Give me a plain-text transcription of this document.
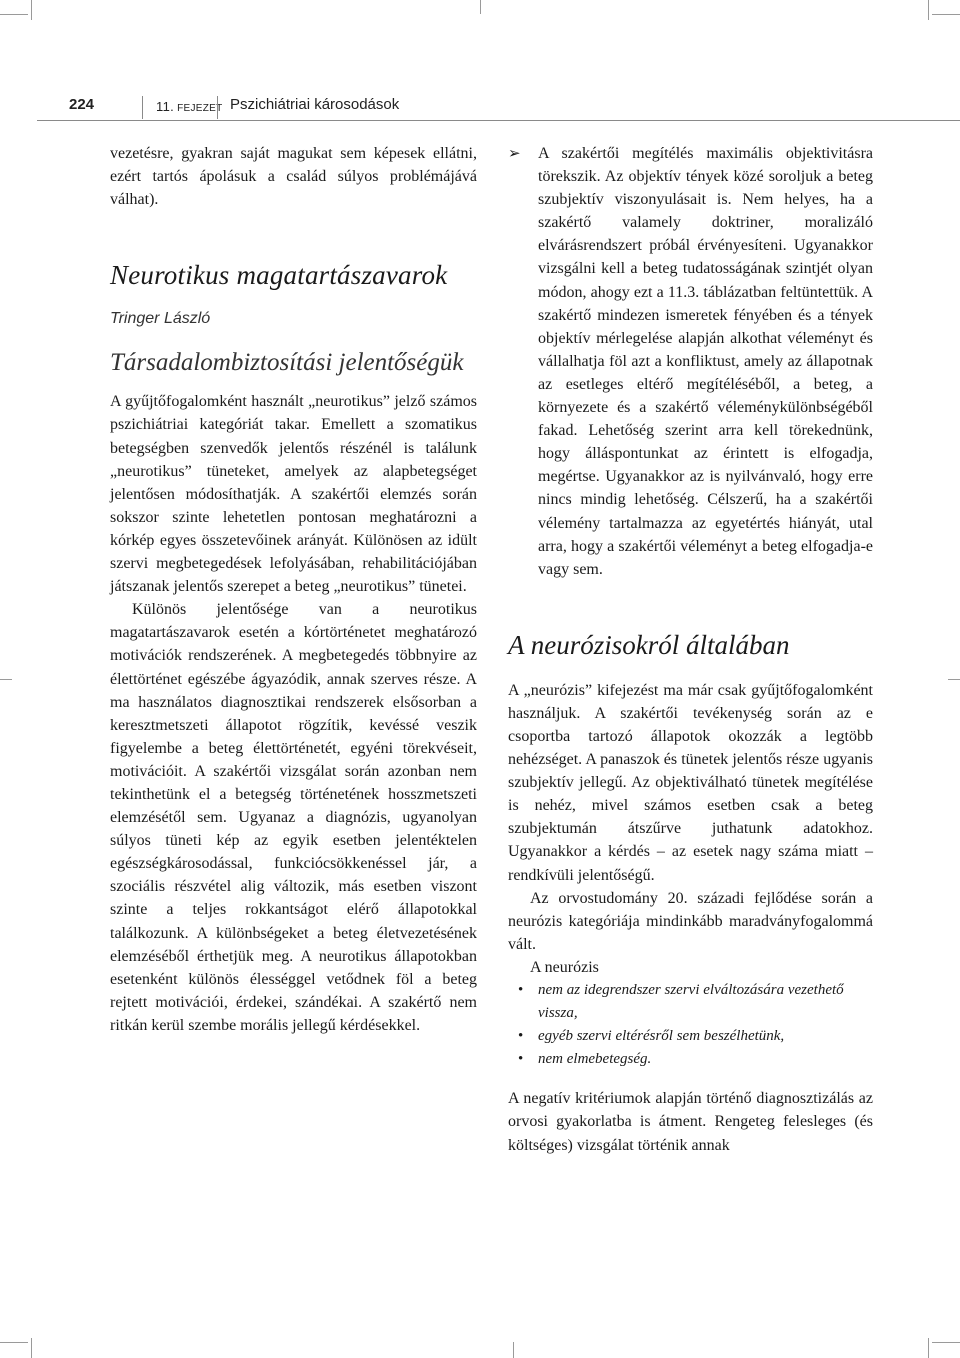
224	11. FEJEZET Pszichiátriai károsodások

vezetésre, gyakran saját magukat sem képesek ellátni, ezért tartós ápolásuk a család súlyos problémájává válhat).

Neurotikus magatartászavarok
Tringer László
Társadalombiztosítási jelentőségük

A gyűjtőfogalomként használt „neurotikus” jelző számos pszichiátriai kategóriát takar. Emellett a szomatikus betegségben szenvedők jelentős részénél is találunk „neurotikus” tüneteket, amelyek az alapbetegséget jelentősen módosíthatják. A szakértői elemzés során sokszor szinte lehetetlen pontosan meghatározni a kórkép egyes összetevőinek arányát. Különösen az idült szervi megbetegedések lefolyásában, rehabilitációjában játszanak jelentős szerepet a beteg „neurotikus” tünetei.

Különös jelentősége van a neurotikus magatartászavarok esetén a kórtörténetet meghatározó motivációk rendszerének. A megbetegedés többnyire az élettörténet egészébe ágyazódik, annak szerves része. A ma használatos diagnosztikai rendszerek elsősorban a keresztmetszeti állapotot rögzítik, kevéssé veszik figyelembe a beteg élettörténetét, egyéni törekvéseit, motivációit. A szakértői vizsgálat során azonban nem tekinthetünk el a betegség történetének hosszmetszeti elemzésétől sem. Ugyanaz a diagnózis, ugyanolyan súlyos tüneti kép az egyik esetben jelentéktelen egészségkárosodással, funkciócsökkenéssel jár, a szociális részvétel alig változik, más esetben viszont szinte a teljes rokkantságot elérő állapotokkal találkozunk. A különbségeket a beteg életvezetésének elemzéséből érthetjük meg. A neurotikus állapotokban esetenként különös élességgel vetődnek föl a beteg rejtett motivációi, érdekei, szándékai. A szakértő nem ritkán kerül szembe morális jellegű kérdésekkel.

➢ A szakértői megítélés maximális objektivitásra törekszik. Az objektív tények közé soroljuk a beteg szubjektív viszonyulásait is. Nem helyes, ha a szakértő valamely doktriner, moralizáló elvárásrendszert próbál érvényesíteni. Ugyanakkor vizsgálni kell a beteg tudatosságának szintjét olyan módon, ahogy ezt a 11.3. táblázatban feltüntettük. A szakértő mindezen ismeretek fényében és a tények objektív mérlegelése alapján alkothat véleményt és vállalhatja föl azt a konfliktust, amely az állapotnak az esetleges eltérő megítéléséből, a beteg, a környezete és a szakértő véleménykülönbségéből fakad. Lehetőség szerint arra kell törekednünk, hogy álláspontunkat az érintett is elfogadja, megértse. Ugyanakkor az is nyilvánvaló, hogy erre nincs mindig lehetőség. Célszerű, ha a szakértői vélemény tartalmazza az egyetértés hiányát, utal arra, hogy a szakértői véleményt a beteg elfogadja-e vagy sem.

A neurózisokról általában

A „neurózis” kifejezést ma már csak gyűjtőfogalomként használjuk. A szakértői tevékenység során az e csoportba tartozó állapotok okozzák a legtöbb nehézséget. A panaszok és tünetek jelentős része ugyanis szubjektív jellegű. Az objektiválható tünetek megítélése is nehéz, mivel számos esetben csak a beteg szubjektumán átszűrve juthatunk adatokhoz. Ugyanakkor a kérdés – az esetek nagy száma miatt – rendkívüli jelentőségű.

Az orvostudomány 20. századi fejlődése során a neurózis kategóriája mindinkább maradványfogalommá vált.

A neurózis

• nem az idegrendszer szervi elváltozására vezethető vissza,
• egyéb szervi eltérésről sem beszélhetünk,
• nem elmebetegség.

A negatív kritériumok alapján történő diagnosztizálás az orvosi gyakorlatba is átment. Rengeteg felesleges (és költséges) vizsgálat történik annak
